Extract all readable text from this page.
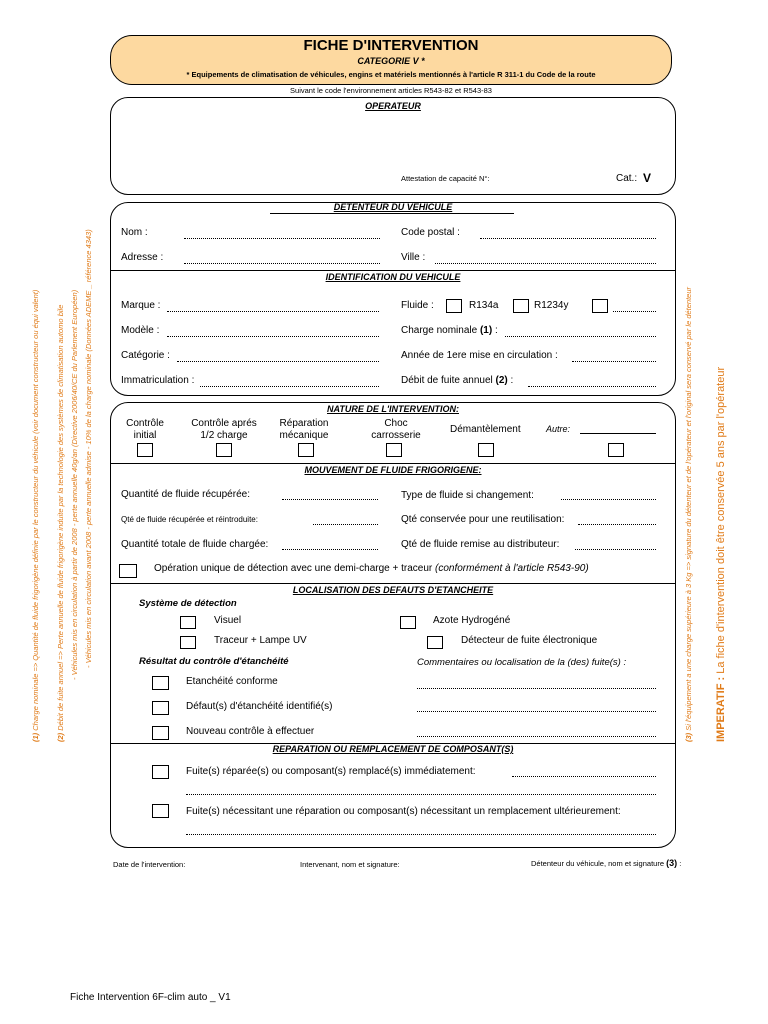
FICHE D'INTERVENTION
CATEGORIE V *
* Equipements de climatisation de véhicules, engins et matériels mentionnés à l'article R 311-1 du Code de la route
Suivant le code l'environnement articles R543-82 et R543-83
OPERATEUR
Attestation de capacité N°:	Cat.: V
DETENTEUR DU VEHICULE
Nom :	Code postal :
Adresse :	Ville :
IDENTIFICATION DU VEHICULE
Marque :	Fluide :	R134a	R1234y
Modèle :	Charge nominale (1) :
Catégorie :	Année de 1ere mise en circulation :
Immatriculation :	Débit de fuite annuel (2) :
NATURE DE L'INTERVENTION:
Contrôle
initial
Contrôle aprés
1/2 charge
Réparation
mécanique
Choc
carrosserie
Démantèlement	Autre:
MOUVEMENT DE FLUIDE FRIGORIGENE:
Quantité de fluide récupérée:	Type de fluide si changement:
Qté de fluide récupérée et réintroduite:	Qté conservée pour une reutilisation:
Quantité totale de fluide chargée:	Qté de fluide remise au distributeur:
Opération unique de détection avec une demi-charge + traceur (conformément à l'article R543-90)
LOCALISATION DES DEFAUTS D'ETANCHEITE
Système de détection
Visuel	Azote Hydrogéné
Traceur + Lampe UV	Détecteur de fuite électronique
Résultat du contrôle d'étanchéité	Commentaires ou localisation de la (des) fuite(s) :
Etanchéité conforme
Défaut(s) d'étanchéité identifié(s)
Nouveau contrôle à effectuer
REPARATION OU REMPLACEMENT DE COMPOSANT(S)
Fuite(s) réparée(s) ou composant(s) remplacé(s) immédiatement:
Fuite(s) nécessitant une réparation ou composant(s) nécessitant un remplacement ultérieurement:
Date de l'intervention:	Intervenant, nom et signature:	Détenteur du véhicule, nom et signature (3) :
(1) Charge nominale => Quantité de fluide frigorigène définie par le constructeur du véhicule (voir document constructeur ou équi valent)
(2) Débit de fuite annuel => Perte annuelle de fluide frigorigène induite par la technologie des systèmes de climatisation automo bile - Véhicules mis en circulation à partir de 2008 - perte annuelle 40g/an (Directive 2006/40/CE du Parlement Européen) - Véhicules mis en circulation avant 2008 - perte annuelle admise - 10% de la charge nominale (Données ADEME _ référence 4343)
(3) Si l'équipement a une charge supérieure à 3 Kg => signature du détenteur et de l'opérateur et l'original sera conservé par le détenteur IMPERATIF : La fiche d'intervention doit être conservée 5 ans par l'opérateur
Fiche Intervention 6F-clim auto _ V1
